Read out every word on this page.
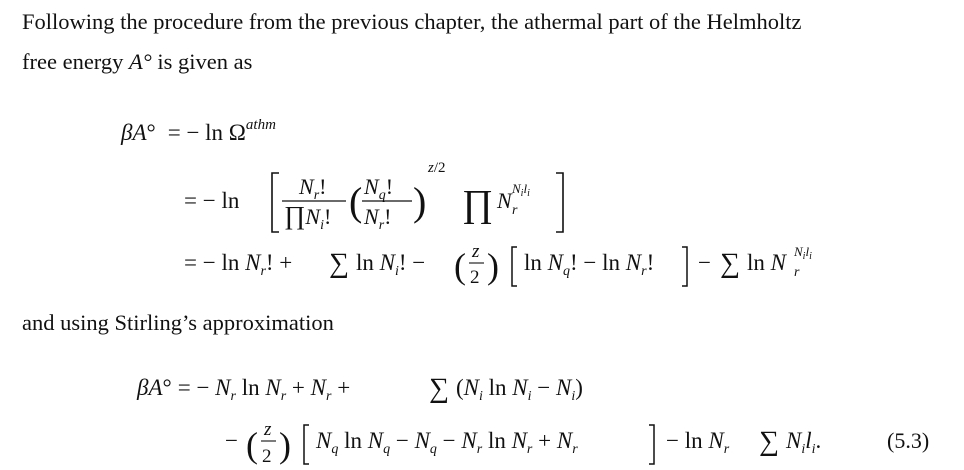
Following the procedure from the previous chapter, the athermal part of the Helmholtz
free energy A° is given as
and using Stirling’s approximation
βA° = − $\ln \Omega^{athm}$
= − ln
$N_r$!
$\prod N_i$! ( $N_q$!
$N_r$! )
z/2
∏ N r
$N_il_i$
= − $\ln N_r$! + ∑ $\ln N_i$! − ( z
2 ) $\ln N_q$! − $\ln N_r$! − ∑ ln N r
$N_il_i$
βA° = − $N_r$ $\ln N_r + N_r$ +	∑ ($N_i$ $\ln N_i - N_i$)
− ( z
2 ) $N_q$ $\ln N_q - N_q - N_r$ $\ln N_r + N_r$	− $\ln N_r$ ∑ $N_il_i$.	(5.3)
